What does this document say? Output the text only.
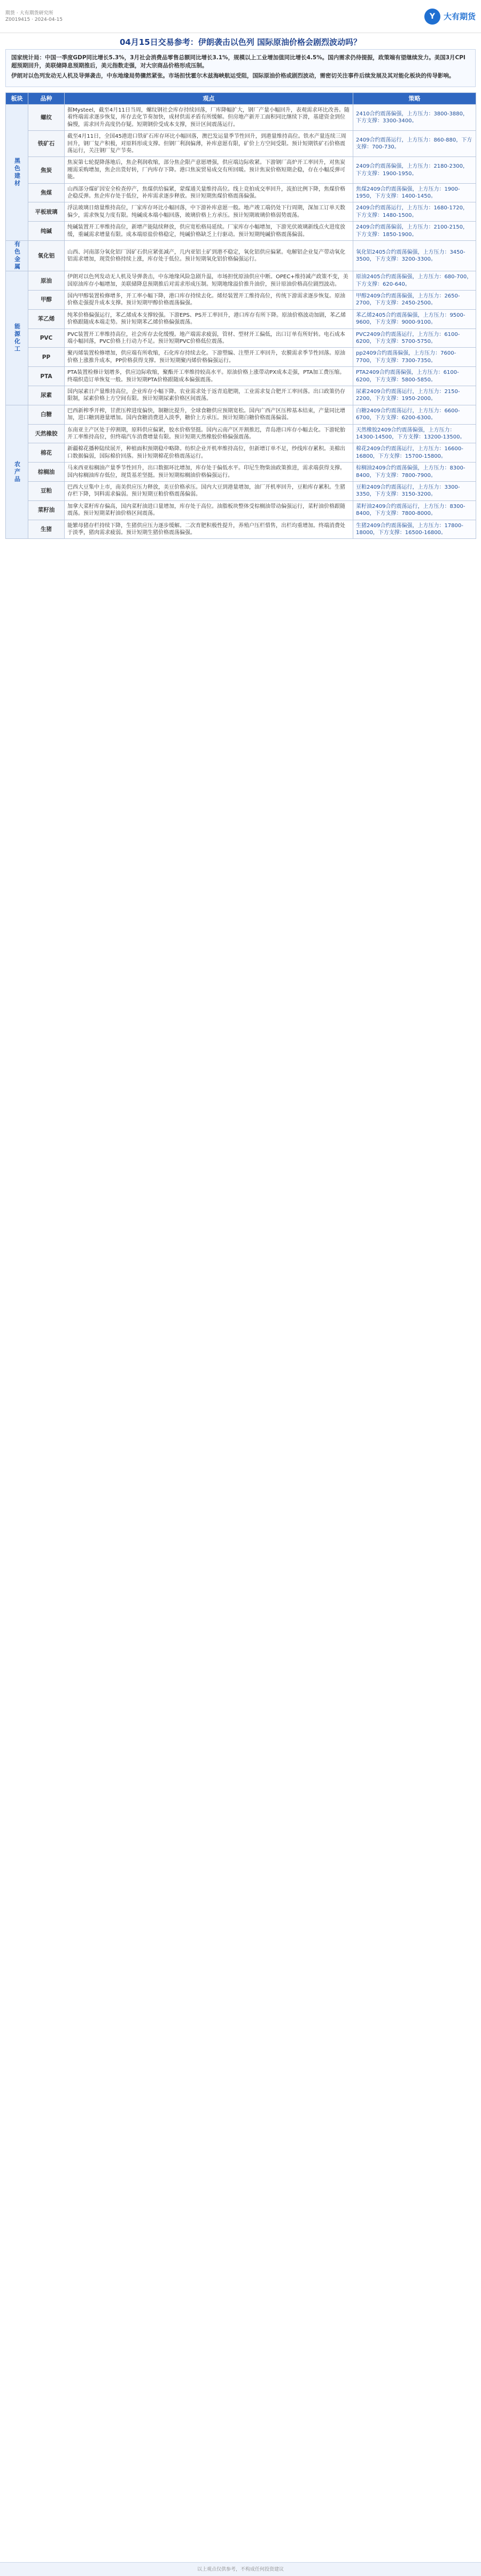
期货 · 大有期货研究所
Z0019415 · 2024-04-15	Y	大有期货
04月15日交易参考：伊朗袭击以色列 国际原油价格会剧烈波动吗？

国家统计局：中国一季度GDP同比增长5.3%，3月社会消费品零售总额同比增长3.1%，规模以上工业增加值同比增长4.5%。国内需求仍待提振，政策端有望继续发力。美国3月CPI超预期回升，美联储降息预期推后，美元指数走强，对大宗商品价格形成压制。

伊朗对以色列发动无人机及导弹袭击，中东地缘局势骤然紧张。市场担忧霍尔木兹海峡航运受阻，国际原油价格或剧烈波动，需密切关注事件后续发展及其对能化板块的传导影响。

板块	品种	观点	策略
黑色建材	螺纹	据Mysteel，截至4月11日当周，螺纹钢社会库存持续回落，厂库降幅扩大，钢厂产量小幅回升，表观需求环比改善。随着终端需求逐步恢复，库存去化节奏加快，成材供需矛盾有所缓解。但房地产新开工面积同比继续下滑，基建资金到位偏慢，需求回升高度仍存疑。短期钢价受成本支撑，预计区间震荡运行。	2410合约震荡偏强，上方压力：3800-3880，下方支撑：3300-3400。
	铁矿石	截至4月11日，全国45港进口铁矿石库存环比小幅回落，澳巴发运量季节性回升，到港量维持高位。铁水产量连续三周回升，钢厂复产积极，对原料形成支撑。但钢厂利润偏薄，补库意愿有限，矿价上方空间受限。预计短期铁矿石价格震荡运行，关注钢厂复产节奏。	2409合约震荡运行，上方压力：860-880，下方支撑：700-730。
	焦炭	焦炭第七轮提降落地后，焦企利润收缩，部分焦企限产意愿增强，供应端边际收紧。下游钢厂高炉开工率回升，对焦炭刚需采购增加，焦企出货好转，厂内库存下降。港口焦炭贸易成交有所回暖。预计焦炭价格短期企稳，存在小幅反弹可能。	2409合约震荡偏强，上方压力：2180-2300，下方支撑：1900-1950。
	焦煤	山西部分煤矿因安全检查停产，焦煤供给偏紧，蒙煤通关量维持高位。线上竞拍成交率回升，流拍比例下降，焦煤价格企稳反弹。焦企库存处于低位，补库需求逐步释放。预计短期焦煤价格震荡偏强。	焦煤2409合约震荡偏强，上方压力：1900-1950，下方支撑：1400-1450。
	平板玻璃	浮法玻璃日熔量维持高位，厂家库存环比小幅回落，中下游补库意愿一般。地产竣工端仍处下行周期，深加工订单天数偏少，需求恢复力度有限。纯碱成本端小幅回落，玻璃价格上方承压。预计短期玻璃价格弱势震荡。	2409合约震荡运行，上方压力：1680-1720，下方支撑：1480-1500。
	纯碱	纯碱装置开工率维持高位，新增产能陆续释放，供应宽松格局延续。厂家库存小幅增加，下游光伏玻璃新线点火进度放缓，重碱需求增量有限。成本端原盐价格稳定，纯碱价格缺乏上行驱动。预计短期纯碱价格震荡偏弱。	2409合约震荡偏弱，上方压力：2100-2150，下方支撑：1850-1900。
有色金属	氧化铝	山西、河南部分氧化铝厂因矿石供应紧张减产，几内亚铝土矿到港不稳定，氧化铝供应偏紧。电解铝企业复产带动氧化铝需求增加，现货价格持续上涨，库存处于低位。预计短期氧化铝价格偏强运行。	氧化铝2405合约震荡偏强，上方压力：3450-3500，下方支撑：3200-3300。
能源化工	原油	伊朗对以色列发动无人机及导弹袭击，中东地缘风险急剧升温，市场担忧原油供应中断。OPEC+维持减产政策不变，美国原油库存小幅增加，美联储降息预期推后对需求形成压制。短期地缘溢价推升油价，预计原油价格高位剧烈波动。	原油2405合约震荡偏强，上方压力：680-700，下方支撑：620-640。
	甲醇	国内甲醇装置检修增多，开工率小幅下降，港口库存持续去化。烯烃装置开工维持高位，传统下游需求逐步恢复。原油价格走强提升成本支撑。预计短期甲醇价格震荡偏强。	甲醇2409合约震荡偏强，上方压力：2650-2700，下方支撑：2450-2500。
	苯乙烯	纯苯价格偏强运行，苯乙烯成本支撑较强。下游EPS、PS开工率回升，港口库存有所下降。原油价格波动加剧，苯乙烯价格跟随成本端走势。预计短期苯乙烯价格偏强震荡。	苯乙烯2405合约震荡偏强，上方压力：9500-9600，下方支撑：9000-9100。
	PVC	PVC装置开工率维持高位，社会库存去化缓慢。地产端需求疲弱，管材、型材开工偏低，出口订单有所好转。电石成本端小幅回落，PVC价格上行动力不足。预计短期PVC价格低位震荡。	PVC2409合约震荡运行，上方压力：6100-6200，下方支撑：5700-5750。
	PP	聚丙烯装置检修增加，供应端有所收缩，石化库存持续去化。下游塑编、注塑开工率回升，农膜需求季节性回落。原油价格上涨推升成本，PP价格获得支撑。预计短期聚丙烯价格偏强运行。	pp2409合约震荡偏强，上方压力：7600-7700，下方支撑：7300-7350。
	PTA	PTA装置检修计划增多，供应边际收缩，聚酯开工率维持较高水平。原油价格上涨带动PX成本走强，PTA加工费压缩。终端织造订单恢复一般。预计短期PTA价格跟随成本偏强震荡。	PTA2409合约震荡偏强，上方压力：6100-6200，下方支撑：5800-5850。
	尿素	国内尿素日产量维持高位，企业库存小幅下降。农业需求处于返青追肥期，工业需求复合肥开工率回落。出口政策仍存限制，尿素价格上方空间有限。预计短期尿素价格区间震荡。	尿素2409合约震荡运行，上方压力：2150-2200，下方支撑：1950-2000。
农产品	白糖	巴西新榨季开榨，甘蔗压榨进度偏快，制糖比提升，全球食糖供应预期宽松。国内广西产区压榨基本结束，产量同比增加，进口糖到港量增加。国内食糖消费进入淡季，糖价上方承压。预计短期白糖价格震荡偏弱。	白糖2409合约震荡运行，上方压力：6600-6700，下方支撑：6200-6300。
	天然橡胶	东南亚主产区处于停割期，原料供应偏紧，胶水价格坚挺。国内云南产区开割推迟，青岛港口库存小幅去化。下游轮胎开工率维持高位，但终端汽车消费增量有限。预计短期天然橡胶价格偏强震荡。	天然橡胶2409合约震荡偏强，上方压力：14300-14500，下方支撑：13200-13500。
	棉花	新疆棉花播种陆续展开，种植面积预期稳中略降。纺织企业开机率维持高位，但新增订单不足，纱线库存累积。美棉出口数据偏弱，国际棉价回落。预计短期棉花价格震荡运行。	棉花2409合约震荡运行，上方压力：16600-16800，下方支撑：15700-15800。
	棕榈油	马来西亚棕榈油产量季节性回升，出口数据环比增加，库存处于偏低水平。印尼生物柴油政策推进，需求端获得支撑。国内棕榈油库存低位，现货基差坚挺。预计短期棕榈油价格偏强运行。	棕榈油2409合约震荡偏强，上方压力：8300-8400，下方支撑：7800-7900。
	豆粕	巴西大豆集中上市，南美供应压力释放，美豆价格承压。国内大豆到港量增加，油厂开机率回升，豆粕库存累积。生猪存栏下降，饲料需求偏弱。预计短期豆粕价格震荡偏弱。	豆粕2409合约震荡运行，上方压力：3300-3350，下方支撑：3150-3200。
	菜籽油	加拿大菜籽库存偏高，国内菜籽油进口量增加，库存处于高位。油脂板块整体受棕榈油带动偏强运行，菜籽油价格跟随震荡。预计短期菜籽油价格区间震荡。	菜籽油2409合约震荡运行，上方压力：8300-8400，下方支撑：7800-8000。
	生猪	能繁母猪存栏持续下降，生猪供应压力逐步缓解。二次育肥积极性提升，养殖户压栏惜售，出栏均重增加。终端消费处于淡季，猪肉需求疲弱。预计短期生猪价格震荡偏强。	生猪2409合约震荡偏强，上方压力：17800-18000，下方支撑：16500-16800。
以上观点仅供参考，不构成任何投资建议
